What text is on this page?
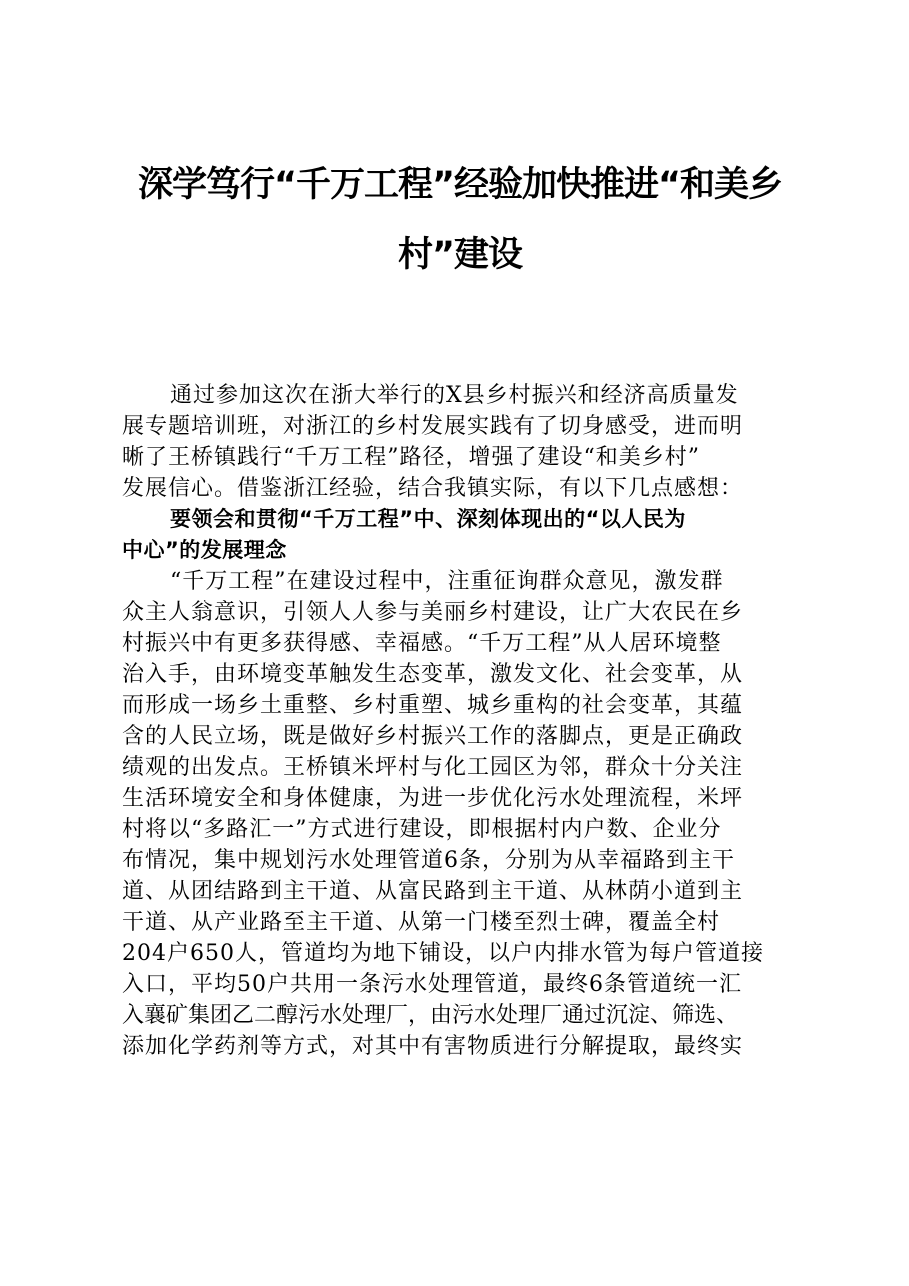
深学笃行“千万工程”经验加快推进“和美乡
村”建设
通过参加这次在浙大举行的X县乡村振兴和经济高质量发
展专题培训班，对浙江的乡村发展实践有了切身感受，进而明
晰了王桥镇践行“千万工程”路径，增强了建设“和美乡村”
发展信心。借鉴浙江经验，结合我镇实际，有以下几点感想：
要领会和贯彻“千万工程”中、深刻体现出的“以人民为
中心”的发展理念
“千万工程”在建设过程中，注重征询群众意见，激发群
众主人翁意识，引领人人参与美丽乡村建设，让广大农民在乡
村振兴中有更多获得感、幸福感。“千万工程”从人居环境整
治入手，由环境变革触发生态变革，激发文化、社会变革，从
而形成一场乡土重整、乡村重塑、城乡重构的社会变革，其蕴
含的人民立场，既是做好乡村振兴工作的落脚点，更是正确政
绩观的出发点。王桥镇米坪村与化工园区为邻，群众十分关注
生活环境安全和身体健康，为进一步优化污水处理流程，米坪
村将以“多路汇一”方式进行建设，即根据村内户数、企业分
布情况，集中规划污水处理管道6条，分别为从幸福路到主干
道、从团结路到主干道、从富民路到主干道、从林荫小道到主
干道、从产业路至主干道、从第一门楼至烈士碑，覆盖全村
204户650人，管道均为地下铺设，以户内排水管为每户管道接
入口，平均50户共用一条污水处理管道，最终6条管道统一汇
入襄矿集团乙二醇污水处理厂，由污水处理厂通过沉淀、筛选、
添加化学药剂等方式，对其中有害物质进行分解提取，最终实
